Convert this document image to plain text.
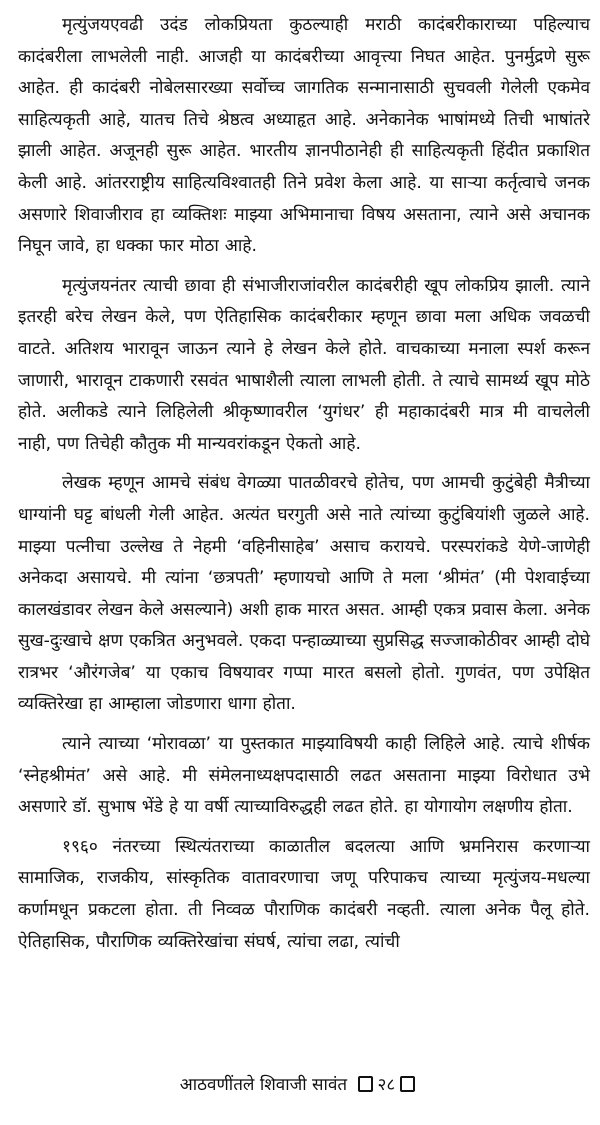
मृत्युंजयएवढी उदंड लोकप्रियता कुठल्याही मराठी कादंबरीकाराच्या पहिल्याच कादंबरीला लाभलेली नाही. आजही या कादंबरीच्या आवृत्त्या निघत आहेत. पुनर्मुद्रणे सुरू आहेत. ही कादंबरी नोबेलसारख्या सर्वोच्च जागतिक सन्मानासाठी सुचवली गेलेली एकमेव साहित्यकृती आहे, यातच तिचे श्रेष्ठत्व अध्याहृत आहे. अनेकानेक भाषांमध्ये तिची भाषांतरे झाली आहेत. अजूनही सुरू आहेत. भारतीय ज्ञानपीठानेही ही साहित्यकृती हिंदीत प्रकाशित केली आहे. आंतरराष्ट्रीय साहित्यविश्वातही तिने प्रवेश केला आहे. या साऱ्या कर्तृत्वाचे जनक असणारे शिवाजीराव हा व्यक्तिशः माझ्या अभिमानाचा विषय असताना, त्याने असे अचानक निघून जावे, हा धक्का फार मोठा आहे.

मृत्युंजयनंतर त्याची छावा ही संभाजीराजांवरील कादंबरीही खूप लोकप्रिय झाली. त्याने इतरही बरेच लेखन केले, पण ऐतिहासिक कादंबरीकार म्हणून छावा मला अधिक जवळची वाटते. अतिशय भारावून जाऊन त्याने हे लेखन केले होते. वाचकाच्या मनाला स्पर्श करून जाणारी, भारावून टाकणारी रसवंत भाषाशैली त्याला लाभली होती. ते त्याचे सामर्थ्य खूप मोठे होते. अलीकडे त्याने लिहिलेली श्रीकृष्णावरील ‘युगंधर’ ही महाकादंबरी मात्र मी वाचलेली नाही, पण तिचेही कौतुक मी मान्यवरांकडून ऐकतो आहे.

लेखक म्हणून आमचे संबंध वेगळ्या पातळीवरचे होतेच, पण आमची कुटुंबेही मैत्रीच्या धाग्यांनी घट्ट बांधली गेली आहेत. अत्यंत घरगुती असे नाते त्यांच्या कुटुंबियांशी जुळले आहे. माझ्या पत्नीचा उल्लेख ते नेहमी ‘वहिनीसाहेब’ असाच करायचे. परस्परांकडे येणे-जाणेही अनेकदा असायचे. मी त्यांना ‘छत्रपती’ म्हणायचो आणि ते मला ‘श्रीमंत’ (मी पेशवाईच्या कालखंडावर लेखन केले असल्याने) अशी हाक मारत असत. आम्ही एकत्र प्रवास केला. अनेक सुख-दुःखाचे क्षण एकत्रित अनुभवले. एकदा पन्हाळ्याच्या सुप्रसिद्ध सज्जाकोठीवर आम्ही दोघे रात्रभर ‘औरंगजेब’ या एकाच विषयावर गप्पा मारत बसलो होतो. गुणवंत, पण उपेक्षित व्यक्तिरेखा हा आम्हाला जोडणारा धागा होता.

त्याने त्याच्या ‘मोरावळा’ या पुस्तकात माझ्याविषयी काही लिहिले आहे. त्याचे शीर्षक ‘स्नेहश्रीमंत’ असे आहे. मी संमेलनाध्यक्षपदासाठी लढत असताना माझ्या विरोधात उभे असणारे डॉ. सुभाष भेंडे हे या वर्षी त्याच्याविरुद्धही लढत होते. हा योगायोग लक्षणीय होता.

१९६० नंतरच्या स्थित्यंतराच्या काळातील बदलत्या आणि भ्रमनिरास करणाऱ्या सामाजिक, राजकीय, सांस्कृतिक वातावरणाचा जणू परिपाकच त्याच्या मृत्युंजय-मधल्या कर्णामधून प्रकटला होता. ती निव्वळ पौराणिक कादंबरी नव्हती. त्याला अनेक पैलू होते. ऐतिहासिक, पौराणिक व्यक्तिरेखांचा संघर्ष, त्यांचा लढा, त्यांची

आठवणींतले शिवाजी सावंत २८
